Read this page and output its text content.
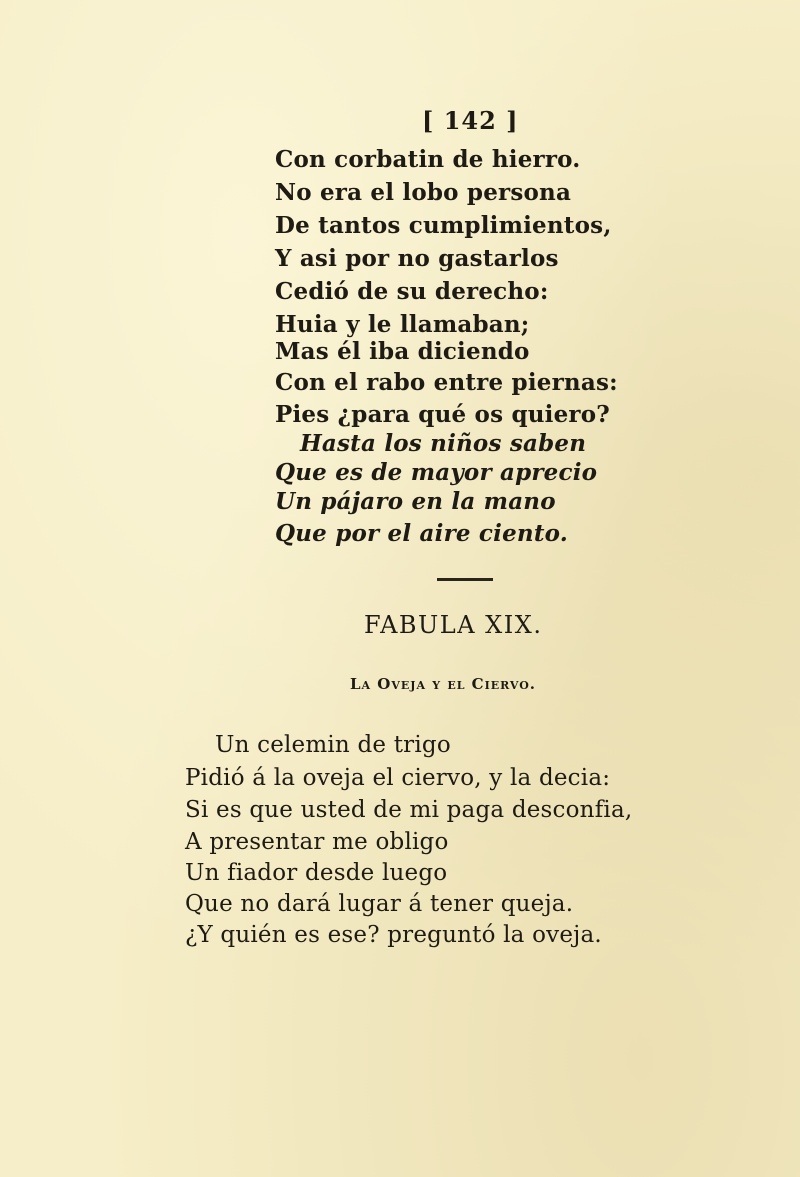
[ 142 ]
Con corbatin de hierro.
No era el lobo persona
De tantos cumplimientos,
Y asi por no gastarlos
Cedió de su derecho:
Huia y le llamaban;
Mas él iba diciendo
Con el rabo entre piernas:
Pies ¿para qué os quiero?
Hasta los niños saben
Que es de mayor aprecio
Un pájaro en la mano
Que por el aire ciento.
FABULA XIX.
La Oveja y el Ciervo.
Un celemin de trigo
Pidió á la oveja el ciervo, y la decia:
Si es que usted de mi paga desconfia,
A presentar me obligo
Un fiador desde luego
Que no dará lugar á tener queja.
¿Y quién es ese? preguntó la oveja.
